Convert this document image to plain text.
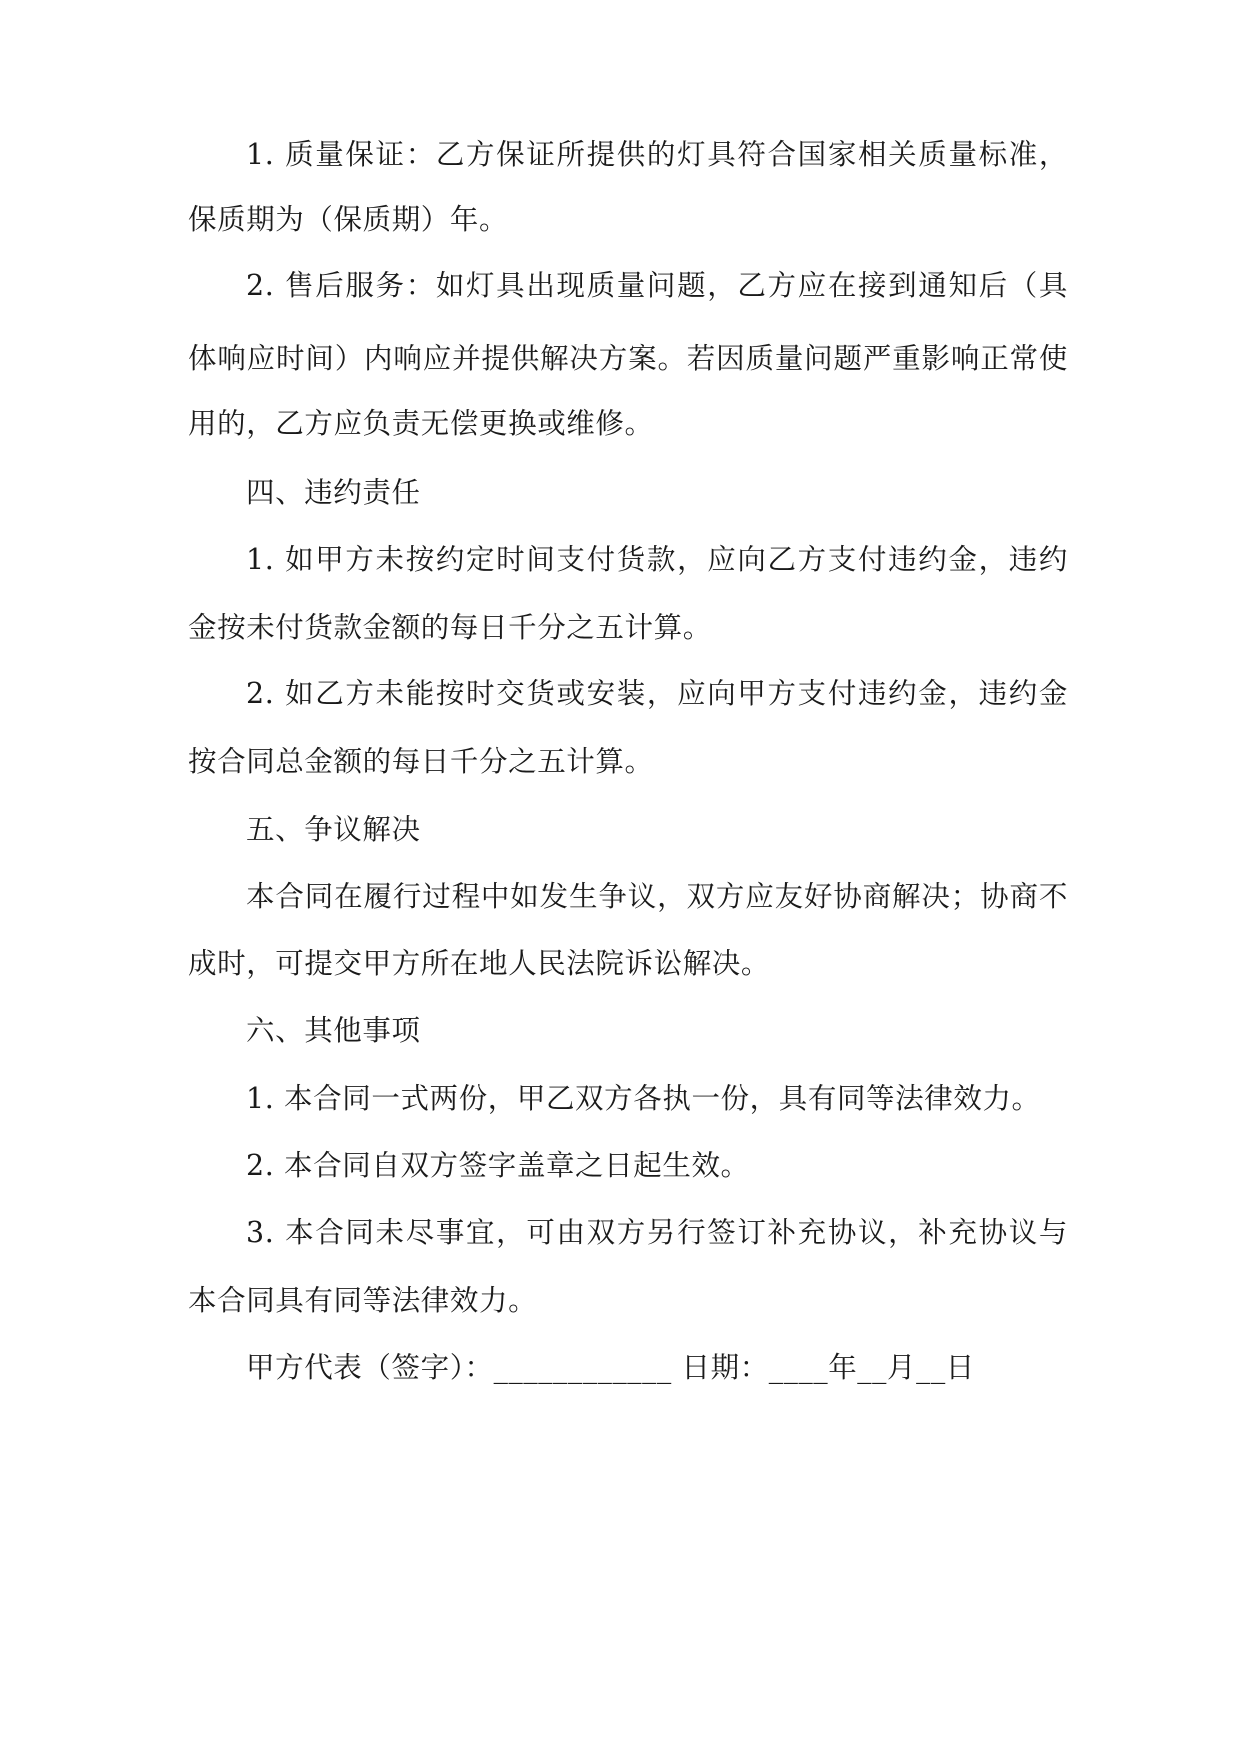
1. 质量保证：乙方保证所提供的灯具符合国家相关质量标准，
保质期为（保质期）年。
2. 售后服务：如灯具出现质量问题，乙方应在接到通知后（具
体响应时间）内响应并提供解决方案。若因质量问题严重影响正常使
用的，乙方应负责无偿更换或维修。
四、违约责任
1. 如甲方未按约定时间支付货款，应向乙方支付违约金，违约
金按未付货款金额的每日千分之五计算。
2. 如乙方未能按时交货或安装，应向甲方支付违约金，违约金
按合同总金额的每日千分之五计算。
五、争议解决
本合同在履行过程中如发生争议，双方应友好协商解决；协商不
成时，可提交甲方所在地人民法院诉讼解决。
六、其他事项
1. 本合同一式两份，甲乙双方各执一份，具有同等法律效力。
2. 本合同自双方签字盖章之日起生效。
3. 本合同未尽事宜，可由双方另行签订补充协议，补充协议与
本合同具有同等法律效力。
甲方代表（签字）：____________ 日期：____年__月__日
